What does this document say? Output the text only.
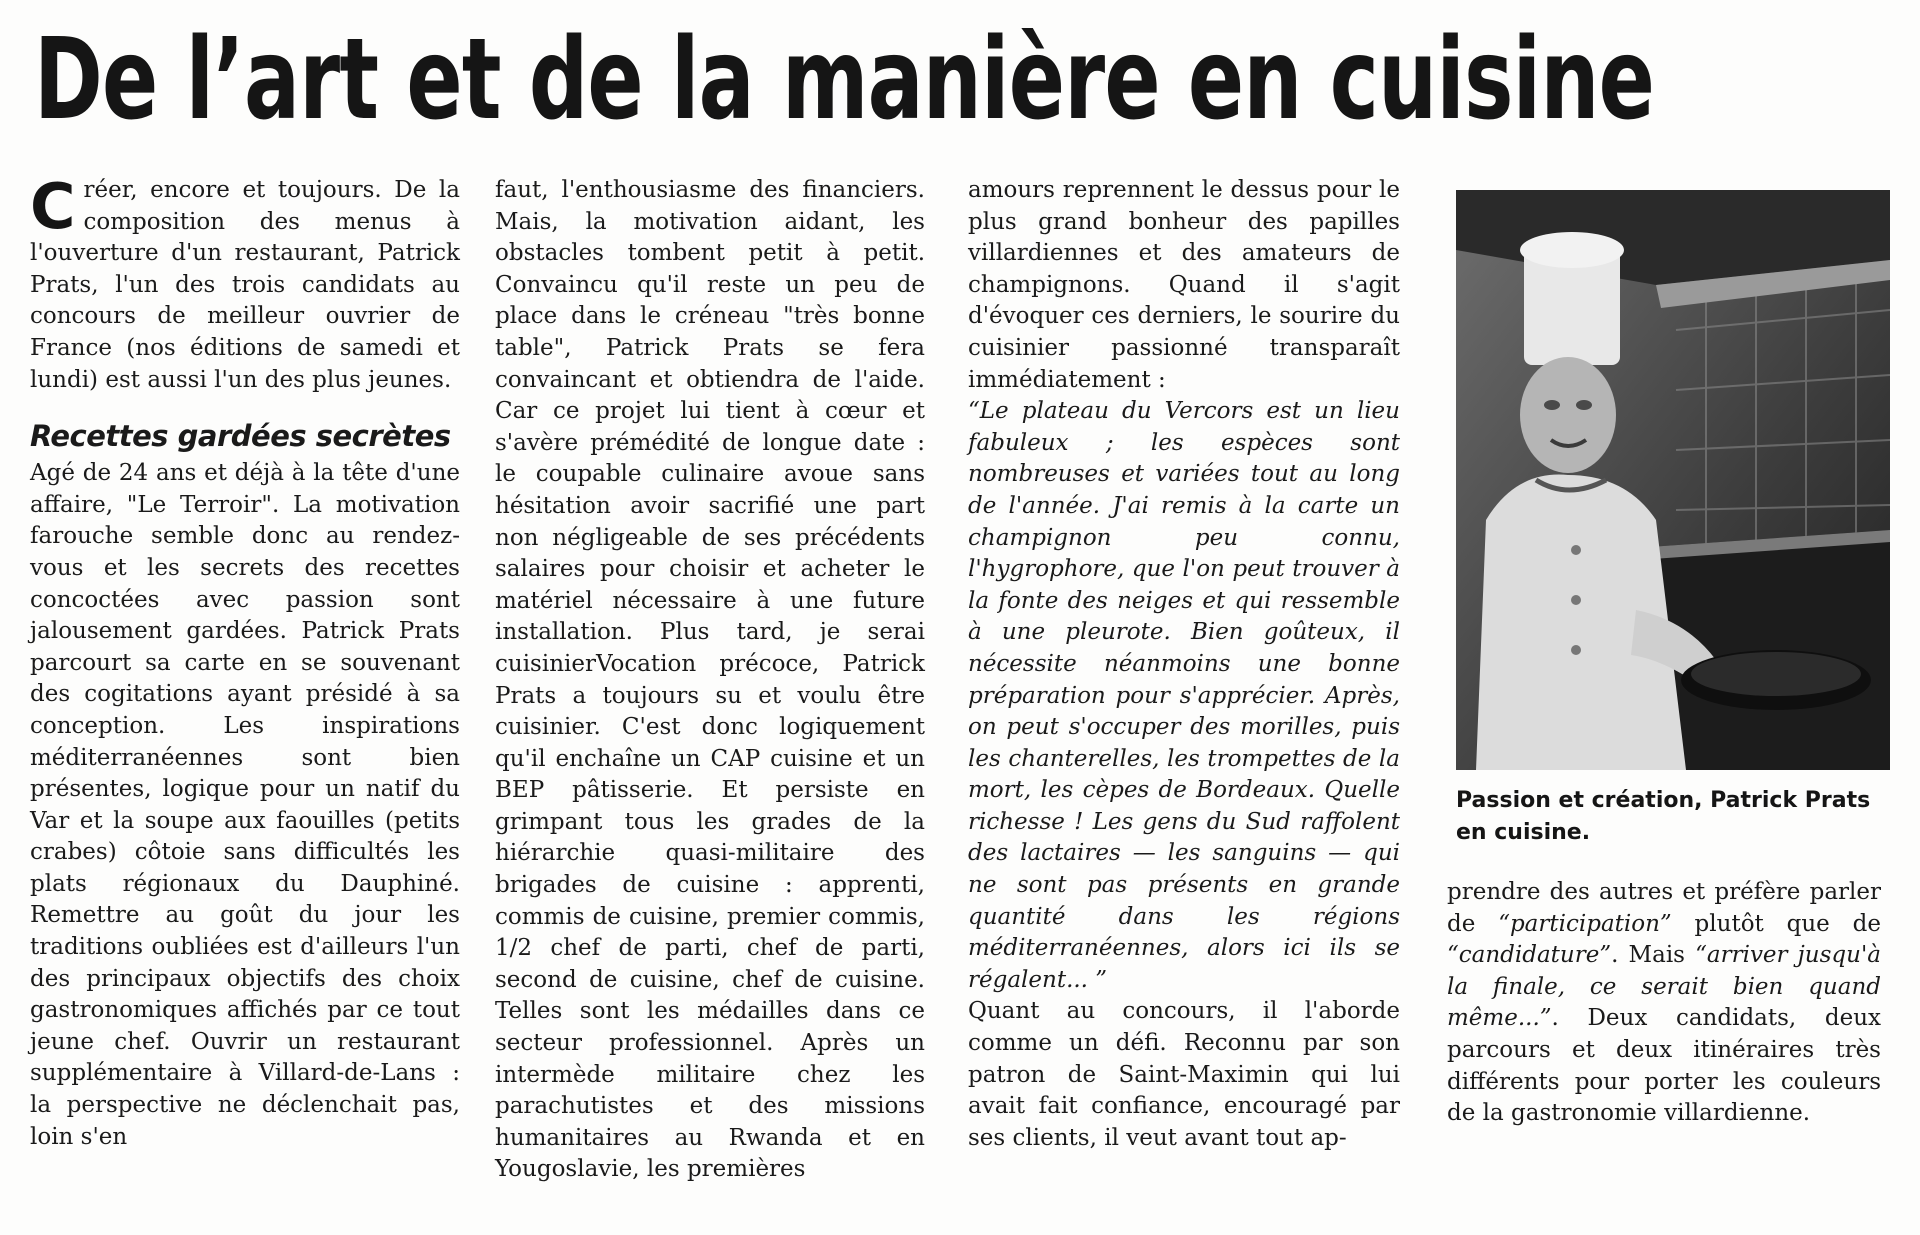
De l’art et de la manière en cuisine

Créer, encore et toujours. De la composition des menus à l'ouverture d'un restaurant, Patrick Prats, l'un des trois candidats au concours de meilleur ouvrier de France (nos éditions de samedi et lundi) est aussi l'un des plus jeunes.

Recettes gardées secrètes

Agé de 24 ans et déjà à la tête d'une affaire, "Le Terroir". La motivation farouche semble donc au rendez-vous et les secrets des recettes concoctées avec passion sont jalousement gardées. Patrick Prats parcourt sa carte en se souvenant des cogitations ayant présidé à sa conception. Les inspirations méditerranéennes sont bien présentes, logique pour un natif du Var et la soupe aux faouilles (petits crabes) côtoie sans difficultés les plats régionaux du Dauphiné. Remettre au goût du jour les traditions oubliées est d'ailleurs l'un des principaux objectifs des choix gastronomiques affichés par ce tout jeune chef. Ouvrir un restaurant supplémentaire à Villard-de-Lans : la perspective ne déclenchait pas, loin s'en

faut, l'enthousiasme des financiers. Mais, la motivation aidant, les obstacles tombent petit à petit. Convaincu qu'il reste un peu de place dans le créneau "très bonne table", Patrick Prats se fera convaincant et obtiendra de l'aide. Car ce projet lui tient à cœur et s'avère prémédité de longue date : le coupable culinaire avoue sans hésitation avoir sacrifié une part non négligeable de ses précédents salaires pour choisir et acheter le matériel nécessaire à une future installation. Plus tard, je serai cuisinierVocation précoce, Patrick Prats a toujours su et voulu être cuisinier. C'est donc logiquement qu'il enchaîne un CAP cuisine et un BEP pâtisserie. Et persiste en grimpant tous les grades de la hiérarchie quasi-militaire des brigades de cuisine : apprenti, commis de cuisine, premier commis, 1/2 chef de parti, chef de parti, second de cuisine, chef de cuisine. Telles sont les médailles dans ce secteur professionnel. Après un intermède militaire chez les parachutistes et des missions humanitaires au Rwanda et en Yougoslavie, les premières

amours reprennent le dessus pour le plus grand bonheur des papilles villardiennes et des amateurs de champignons. Quand il s'agit d'évoquer ces derniers, le sourire du cuisinier passionné transparaît immédiatement :

“Le plateau du Vercors est un lieu fabuleux ; les espèces sont nombreuses et variées tout au long de l'année. J'ai remis à la carte un champignon peu connu, l'hygrophore, que l'on peut trouver à la fonte des neiges et qui ressemble à une pleurote. Bien goûteux, il nécessite néanmoins une bonne préparation pour s'apprécier. Après, on peut s'occuper des morilles, puis les chanterelles, les trompettes de la mort, les cèpes de Bordeaux. Quelle richesse ! Les gens du Sud raffolent des lactaires — les sanguins — qui ne sont pas présents en grande quantité dans les régions méditerranéennes, alors ici ils se régalent... ”

Quant au concours, il l'aborde comme un défi. Reconnu par son patron de Saint-Maximin qui lui avait fait confiance, encouragé par ses clients, il veut avant tout ap-

Passion et création, Patrick Prats en cuisine.

prendre des autres et préfère parler de “participation” plutôt que de “candidature”. Mais “arriver jusqu'à la finale, ce serait bien quand même...”. Deux candidats, deux parcours et deux itinéraires très différents pour porter les couleurs de la gastronomie villardienne.
